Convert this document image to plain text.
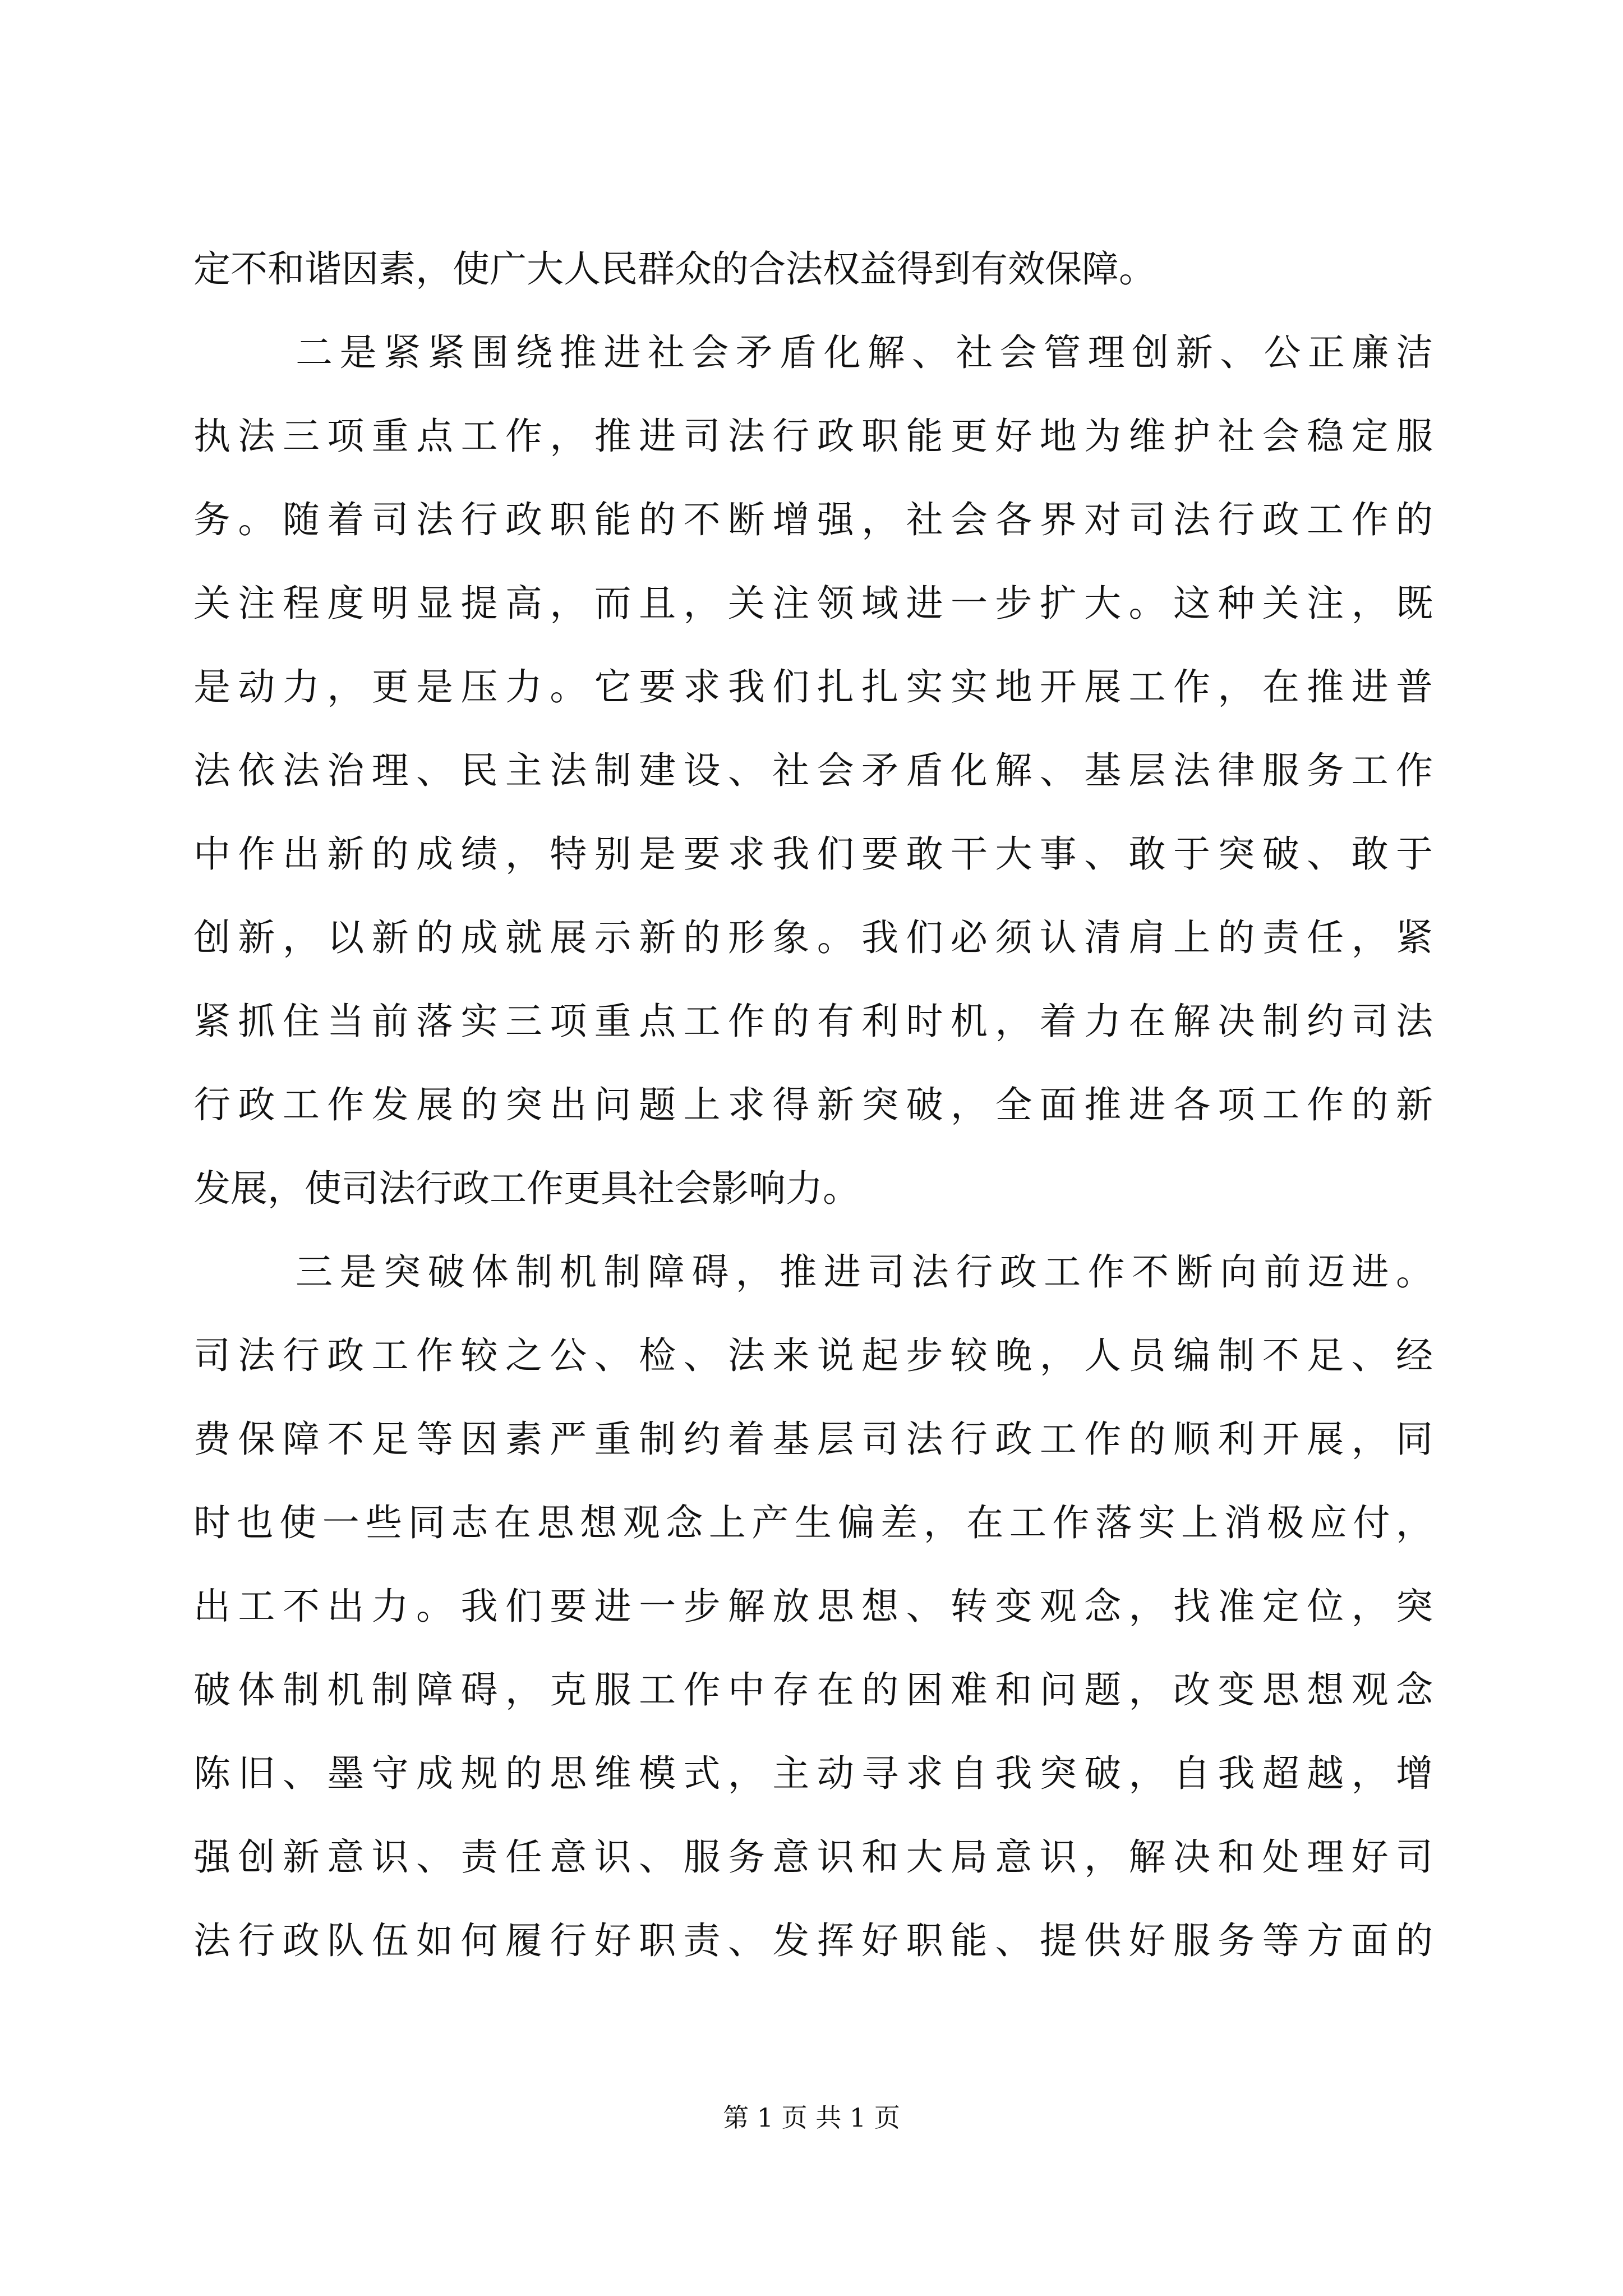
定不和谐因素，使广大人民群众的合法权益得到有效保障。
二是紧紧围绕推进社会矛盾化解、社会管理创新、公正廉洁
执法三项重点工作，推进司法行政职能更好地为维护社会稳定服
务。随着司法行政职能的不断增强，社会各界对司法行政工作的
关注程度明显提高，而且，关注领域进一步扩大。这种关注，既
是动力，更是压力。它要求我们扎扎实实地开展工作，在推进普
法依法治理、民主法制建设、社会矛盾化解、基层法律服务工作
中作出新的成绩，特别是要求我们要敢干大事、敢于突破、敢于
创新，以新的成就展示新的形象。我们必须认清肩上的责任，紧
紧抓住当前落实三项重点工作的有利时机，着力在解决制约司法
行政工作发展的突出问题上求得新突破，全面推进各项工作的新
发展，使司法行政工作更具社会影响力。
三是突破体制机制障碍，推进司法行政工作不断向前迈进。
司法行政工作较之公、检、法来说起步较晚，人员编制不足、经
费保障不足等因素严重制约着基层司法行政工作的顺利开展，同
时也使一些同志在思想观念上产生偏差，在工作落实上消极应付，
出工不出力。我们要进一步解放思想、转变观念，找准定位，突
破体制机制障碍，克服工作中存在的困难和问题，改变思想观念
陈旧、墨守成规的思维模式，主动寻求自我突破，自我超越，增
强创新意识、责任意识、服务意识和大局意识，解决和处理好司
法行政队伍如何履行好职责、发挥好职能、提供好服务等方面的
第 1 页 共 1 页
